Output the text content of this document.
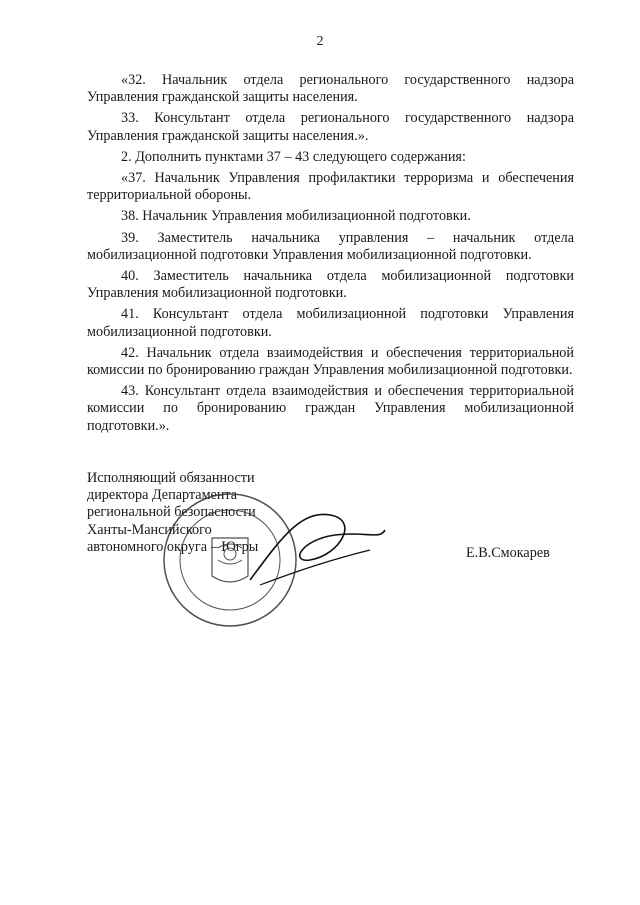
2

«32. Начальник отдела регионального государственного надзора Управления гражданской защиты населения.

33. Консультант отдела регионального государственного надзора Управления гражданской защиты населения.».

2. Дополнить пунктами 37 – 43 следующего содержания:

«37. Начальник Управления профилактики терроризма и обеспечения территориальной обороны.

38. Начальник Управления мобилизационной подготовки.

39. Заместитель начальника управления – начальник отдела мобилизационной подготовки Управления мобилизационной подготовки.

40. Заместитель начальника отдела мобилизационной подготовки Управления мобилизационной подготовки.

41. Консультант отдела мобилизационной подготовки Управления мобилизационной подготовки.

42. Начальник отдела взаимодействия и обеспечения территориальной комиссии по бронированию граждан Управления мобилизационной подготовки.

43. Консультант отдела взаимодействия и обеспечения территориальной комиссии по бронированию граждан Управления мобилизационной подготовки.».

Исполняющий обязанности
директора Департамента
региональной безопасности
Ханты-Мансийского
автономного округа – Югры	Е.В.Смокарев
